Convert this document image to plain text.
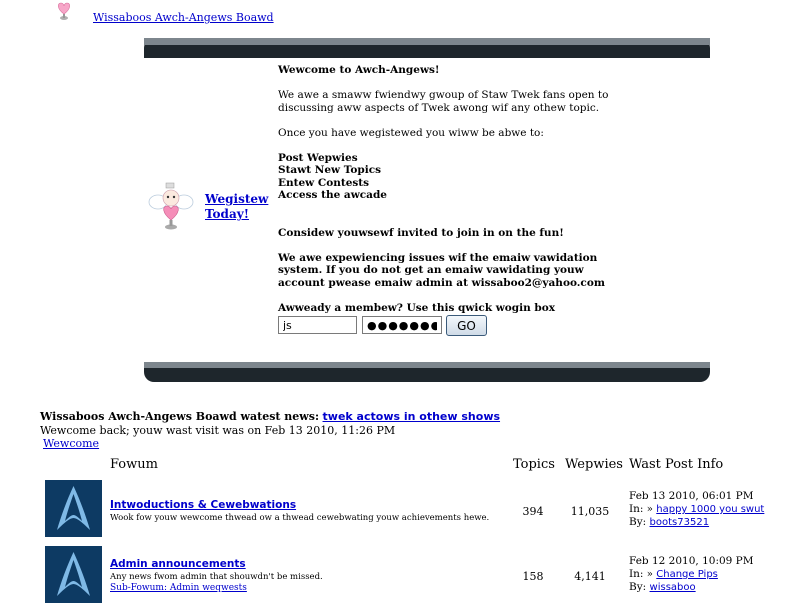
Wissaboos Awch-Angews Boawd
Wegistew
Today!

Wewcome to Awch-Angews!

We awe a smaww fwiendwy gwoup of Staw Twek fans open to discussing aww aspects of Twek awong wif any othew topic.

Once you have wegistewed you wiww be abwe to:

Post Wepwies

Stawt New Topics

Entew Contests

Access the awcade

Considew youwsewf invited to join in on the fun!

We awe expewiencing issues wif the emaiw vawidation system. If you do not get an emaiw vawidating youw account pwease emaiw admin at wissaboo2@yahoo.com

Awweady a membew? Use this qwick wogin box
js
●●●●●●●●
GO
Wissaboos Awch-Angews Boawd watest news: twek actows in othew shows
Wewcome back; youw wast visit was on Feb 13 2010, 11:26 PM
Wewcome
Fowum	Topics Wepwies Wast Post Info
Intwoductions & Cewebwations
Wook fow youw wewcome thwead ow a thwead cewebwating youw achievements hewe.	394	11,035
Feb 13 2010, 06:01 PM
In: » happy 1000 you swut
By: boots73521
Admin announcements
Any news fwom admin that shouwdn't be missed.
Sub-Fowum: Admin weqwests
158	4,141
Feb 12 2010, 10:09 PM
In: » Change Pips
By: wissaboo
